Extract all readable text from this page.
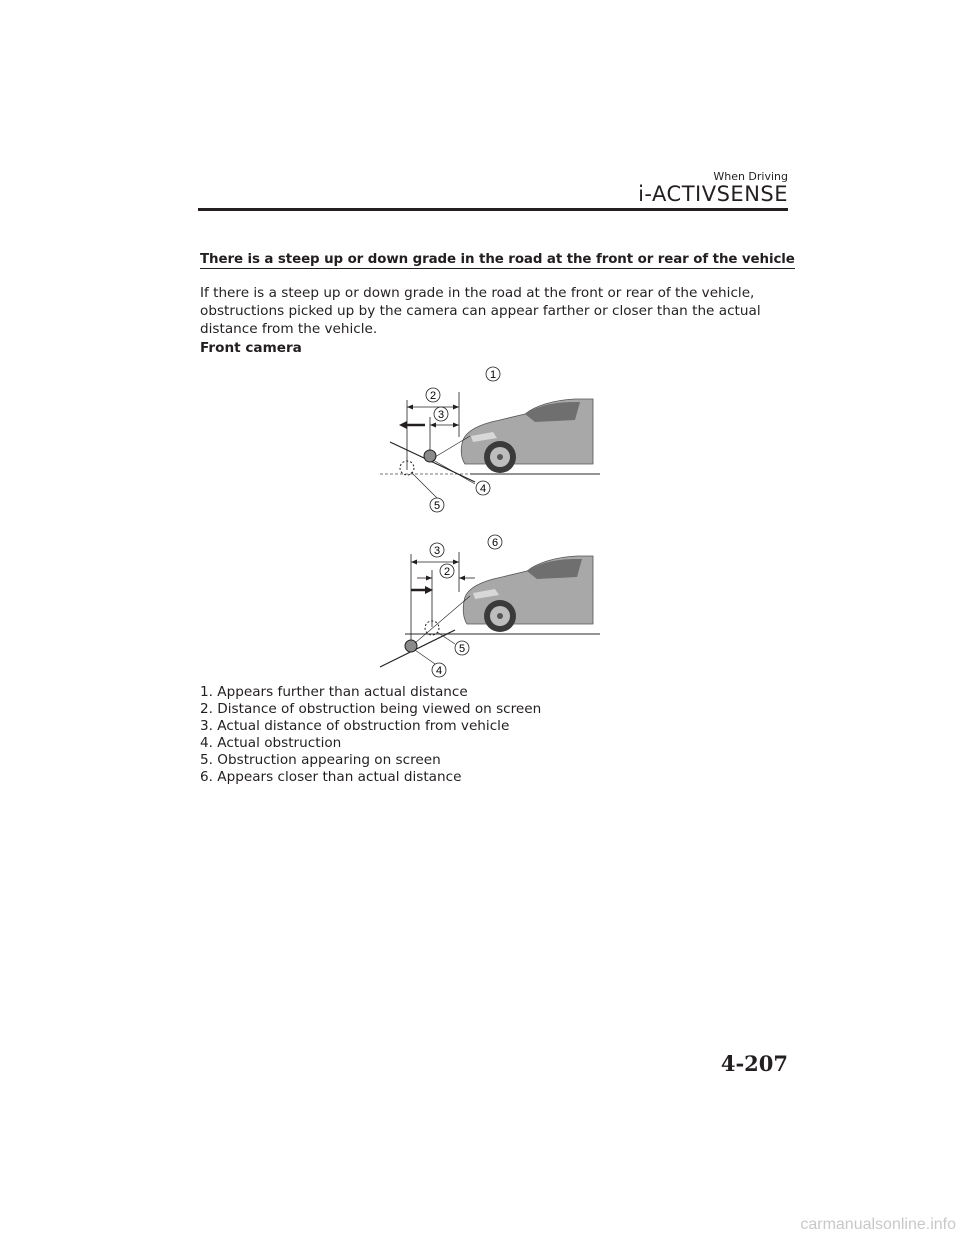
When Driving
i-ACTIVSENSE
There is a steep up or down grade in the road at the front or rear of the vehicle

If there is a steep up or down grade in the road at the front or rear of the vehicle, obstructions picked up by the camera can appear farther or closer than the actual distance from the vehicle.

Front camera
1
2
3
4
5
6
3
2
5
4
1. Appears further than actual distance
2. Distance of obstruction being viewed on screen
3. Actual distance of obstruction from vehicle
4. Actual obstruction
5. Obstruction appearing on screen
6. Appears closer than actual distance
4-207
carmanualsonline.info
